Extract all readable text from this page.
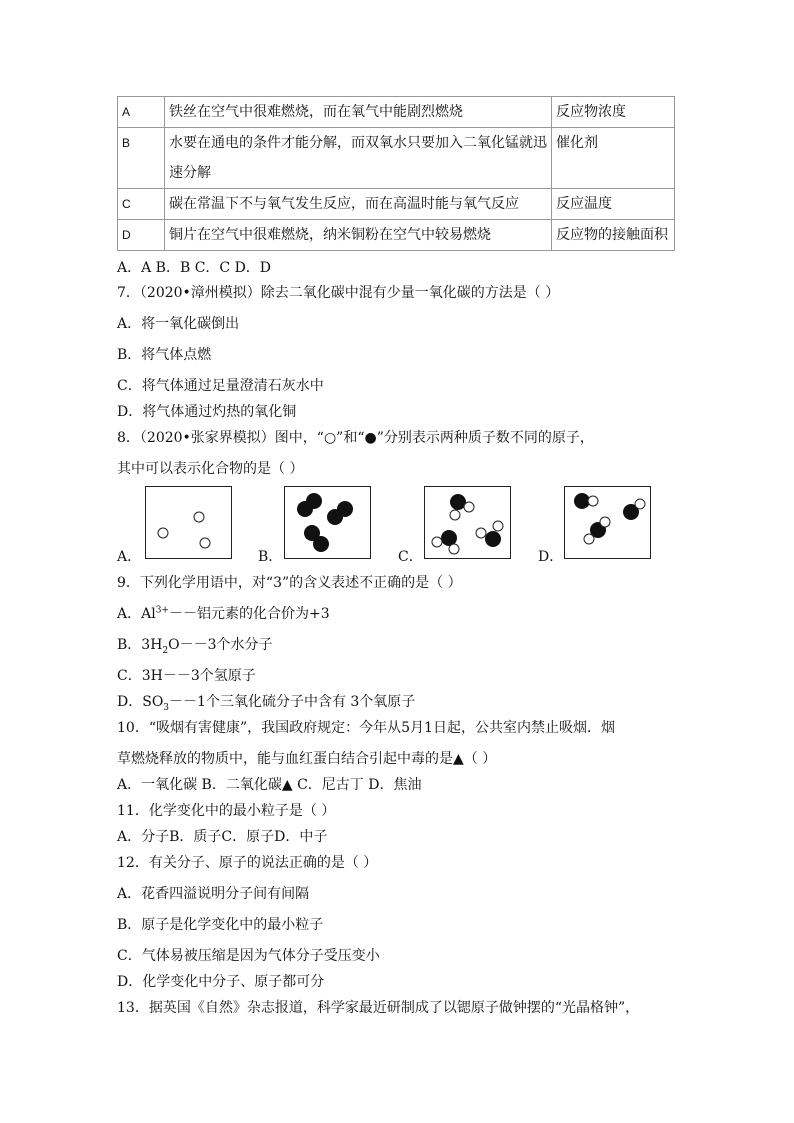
A	铁丝在空气中很难燃烧，而在氧气中能剧烈燃烧	反应物浓度
B	水要在通电的条件才能分解，而双氧水只要加入二氧化锰就迅速分解	催化剂
C	碳在常温下不与氧气发生反应，而在高温时能与氧气反应	反应温度
D	铜片在空气中很难燃烧，纳米铜粉在空气中较易燃烧	反应物的接触面积
A．A B．B C．C D．D
7．（2020•漳州模拟）除去二氧化碳中混有少量一氧化碳的方法是（ ）
A．将一氧化碳倒出
B．将气体点燃
C．将气体通过足量澄清石灰水中
D．将气体通过灼热的氧化铜
8．（2020•张家界模拟）图中，“○”和“●”分别表示两种质子数不同的原子，
其中可以表示化合物的是（ ）
A．	B．	C．	D．
9．下列化学用语中，对“3”的含义表述不正确的是（ ）
A．$Al^{3+}--$铝元素的化合价为+3
B．$3H_2O--3$个水分子
C．3H－－3个氢原子
D．$SO_3--1$个三氧化硫分子中含有 3个氧原子
10．“吸烟有害健康”，我国政府规定：今年从5月1日起，公共室内禁止吸烟．烟
草燃烧释放的物质中，能与血红蛋白结合引起中毒的是▲（ ）
A．一氧化碳 B．二氧化碳▲ C．尼古丁 D．焦油
11．化学变化中的最小粒子是（ ）
A．分子B．质子C．原子D．中子
12．有关分子、原子的说法正确的是（ ）
A．花香四溢说明分子间有间隔
B．原子是化学变化中的最小粒子
C．气体易被压缩是因为气体分子受压变小
D．化学变化中分子、原子都可分
13．据英国《自然》杂志报道，科学家最近研制成了以锶原子做钟摆的“光晶格钟”，
